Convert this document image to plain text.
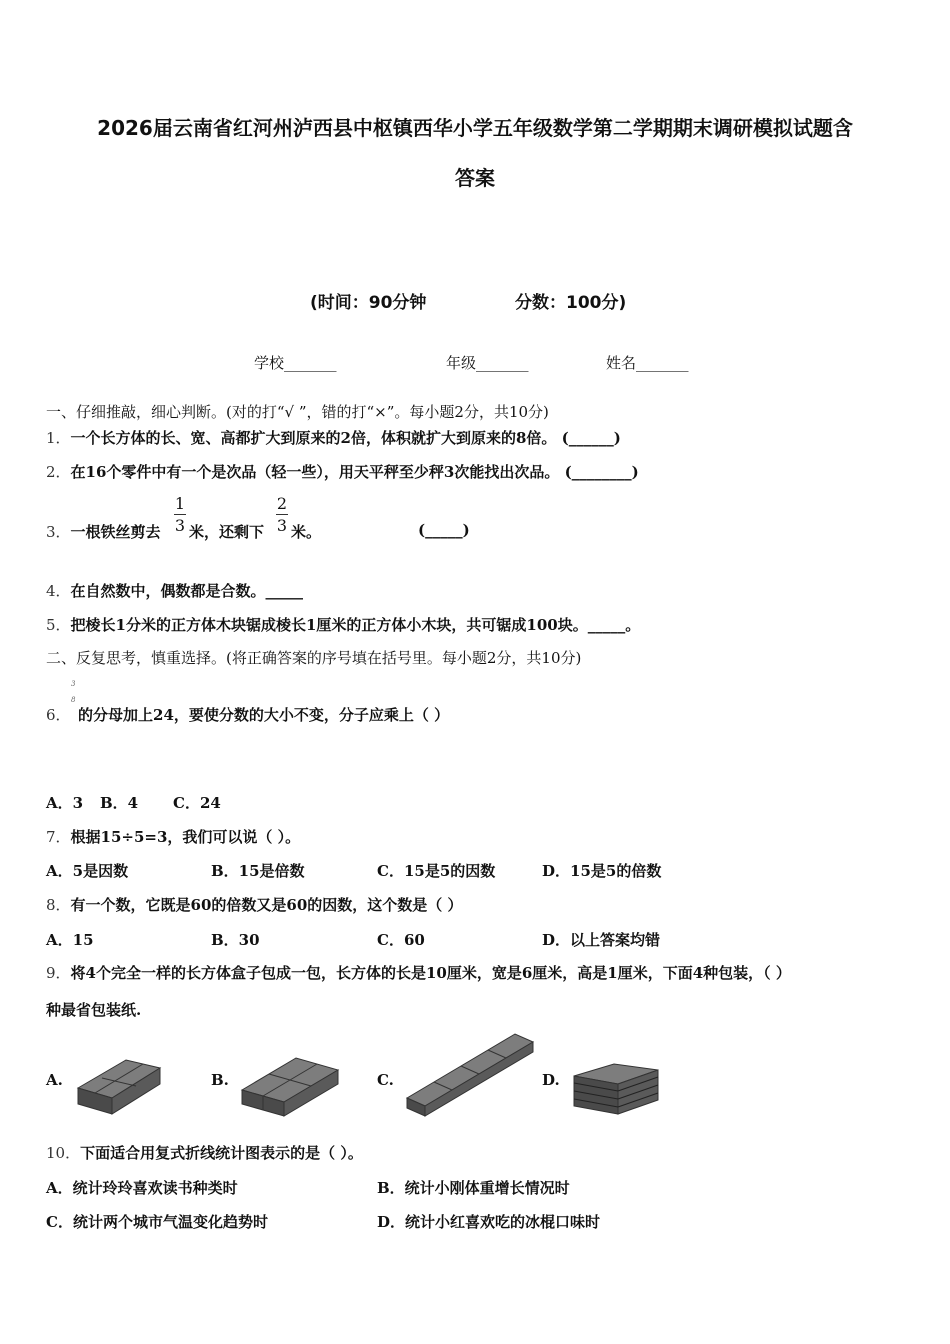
2026届云南省红河州泸西县中枢镇西华小学五年级数学第二学期期末调研模拟试题含
答案
(时间：90分钟	分数：100分)
学校_______	年级_______	姓名_______
一、仔细推敲，细心判断。(对的打“√ ”，错的打“×”。每小题2分，共10分)
1．一个长方体的长、宽、高都扩大到原来的2倍，体积就扩大到原来的8倍。 (______)
2．在16个零件中有一个是次品（轻一些），用天平秤至少秤3次能找出次品。 (________)
3．一根铁丝剪去
1
3 米，还剩下
2
3 米。	(_____)
4．在自然数中，偶数都是合数。_____
5．把棱长1分米的正方体木块锯成棱长1厘米的正方体小木块，共可锯成100块。_____。
二、反复思考，慎重选择。(将正确答案的序号填在括号里。每小题2分，共10分)
3
8
6． 的分母加上24，要使分数的大小不变，分子应乘上（ ）
A．3 B．4 C．24
7．根据15÷5=3，我们可以说（ ）。
A．5是因数	B．15是倍数	C．15是5的因数	D．15是5的倍数
8．有一个数，它既是60的倍数又是60的因数，这个数是（ ）
A．15	B．30	C．60	D．以上答案均错
9．将4个完全一样的长方体盒子包成一包，长方体的长是10厘米，宽是6厘米，高是1厘米，下面4种包装，（ ）
种最省包装纸.
A.	B.	C.	D.
10．下面适合用复式折线统计图表示的是（ ）。
A．统计玲玲喜欢读书种类时	B．统计小刚体重增长情况时
C．统计两个城市气温变化趋势时	D．统计小红喜欢吃的冰棍口味时
